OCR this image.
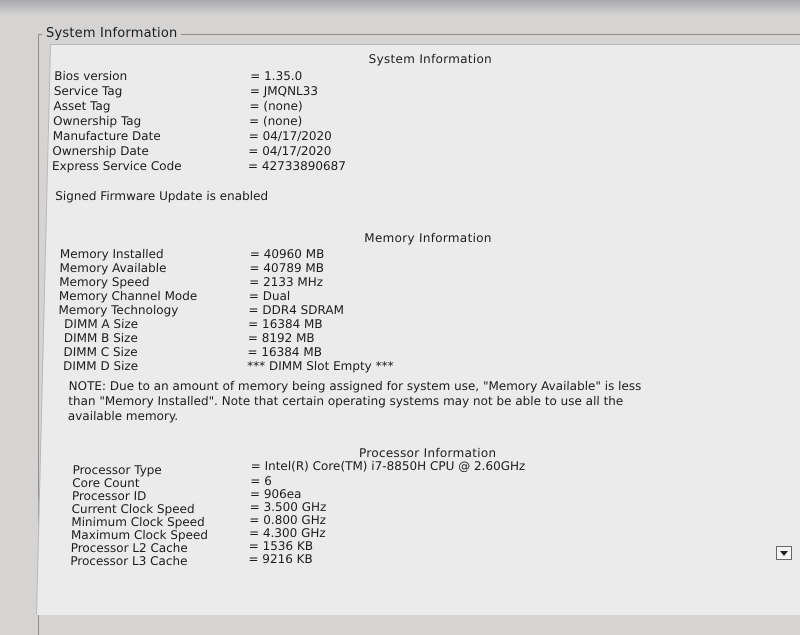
System Information
System Information
Bios version	= 1.35.0
Service Tag	= JMQNL33
Asset Tag	= (none)
Ownership Tag	= (none)
Manufacture Date	= 04/17/2020
Ownership Date	= 04/17/2020
Express Service Code	= 42733890687
Signed Firmware Update is enabled
Memory Information
Memory Installed	= 40960 MB
Memory Available	= 40789 MB
Memory Speed	= 2133 MHz
Memory Channel Mode	= Dual
Memory Technology	= DDR4 SDRAM
DIMM A Size	= 16384 MB
DIMM B Size	= 8192 MB
DIMM C Size	= 16384 MB
DIMM D Size	*** DIMM Slot Empty ***
NOTE: Due to an amount of memory being assigned for system use, "Memory Available" is less
than "Memory Installed". Note that certain operating systems may not be able to use all the
available memory.
Processor Information
Processor Type	= Intel(R) Core(TM) i7-8850H CPU @ 2.60GHz
Core Count	= 6
Processor ID	= 906ea
Current Clock Speed	= 3.500 GHz
Minimum Clock Speed	= 0.800 GHz
Maximum Clock Speed	= 4.300 GHz
Processor L2 Cache	= 1536 KB
Processor L3 Cache	= 9216 KB
